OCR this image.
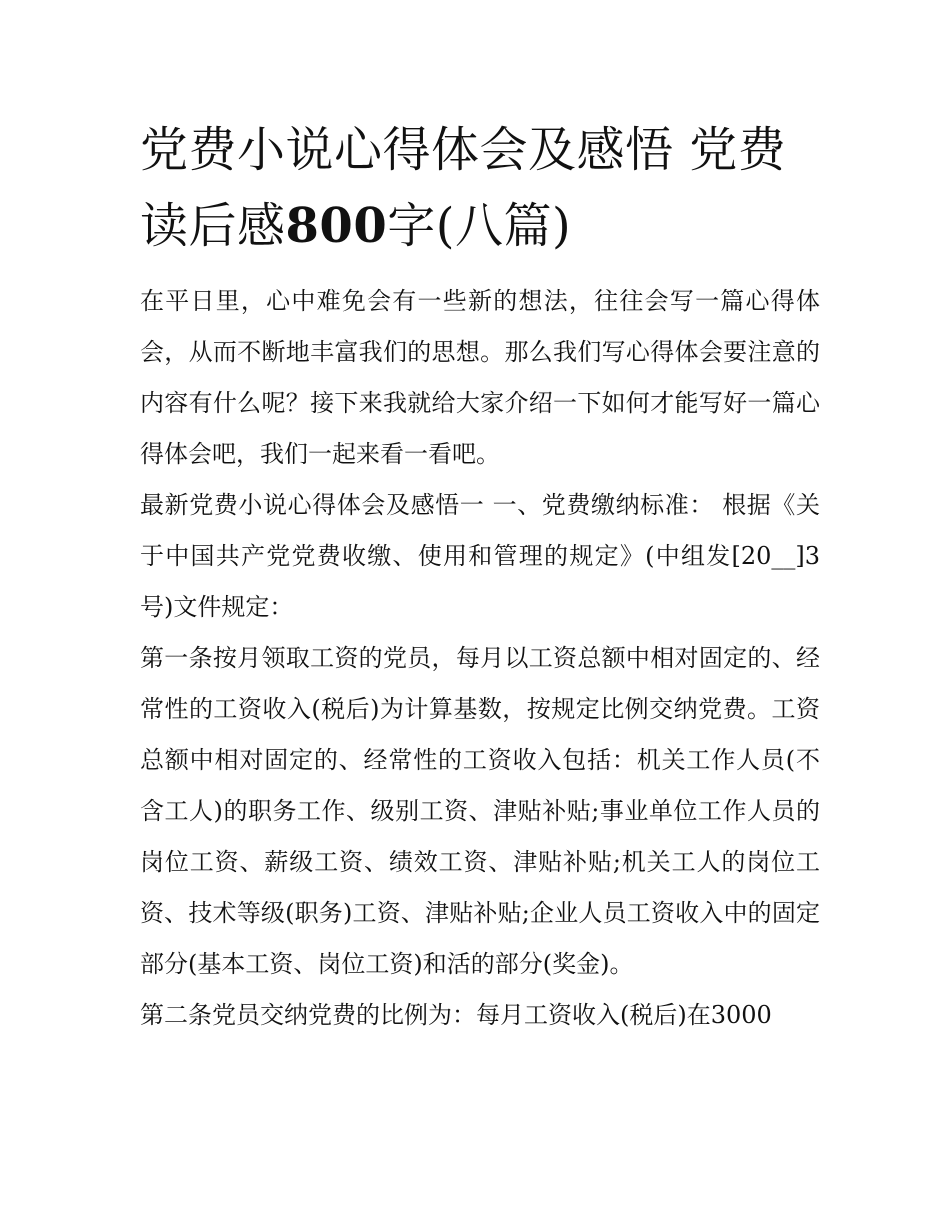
党费小说心得体会及感悟 党费读后感800字(八篇)

在平日里，心中难免会有一些新的想法，往往会写一篇心得体会，从而不断地丰富我们的思想。那么我们写心得体会要注意的内容有什么呢？接下来我就给大家介绍一下如何才能写好一篇心得体会吧，我们一起来看一看吧。

最新党费小说心得体会及感悟一 一、党费缴纳标准： 根据《关于中国共产党党费收缴、使用和管理的规定》(中组发[20__]3号)文件规定：

第一条按月领取工资的党员，每月以工资总额中相对固定的、经常性的工资收入(税后)为计算基数，按规定比例交纳党费。工资总额中相对固定的、经常性的工资收入包括：机关工作人员(不含工人)的职务工作、级别工资、津贴补贴;事业单位工作人员的岗位工资、薪级工资、绩效工资、津贴补贴;机关工人的岗位工资、技术等级(职务)工资、津贴补贴;企业人员工资收入中的固定部分(基本工资、岗位工资)和活的部分(奖金)。

第二条党员交纳党费的比例为：每月工资收入(税后)在3000
